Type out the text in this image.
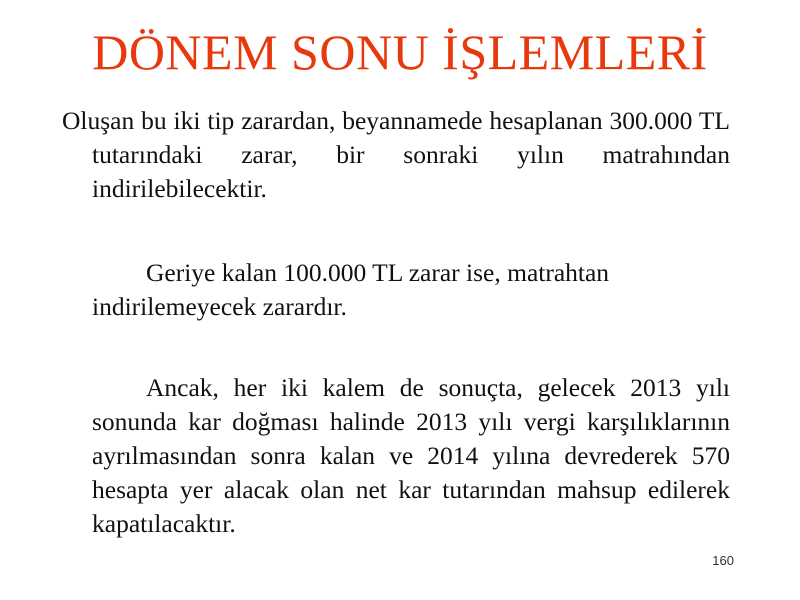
DÖNEM SONU İŞLEMLERİ

Oluşan bu iki tip zarardan, beyannamede hesaplanan 300.000 TL tutarındaki zarar, bir sonraki yılın matrahından indirilebilecektir.

Geriye kalan 100.000 TL zarar ise, matrahtan indirilemeyecek zarardır.

Ancak, her iki kalem de sonuçta, gelecek 2013 yılı sonunda kar doğması halinde 2013 yılı vergi karşılıklarının ayrılmasından sonra kalan ve 2014 yılına devrederek 570 hesapta yer alacak olan net kar tutarından mahsup edilerek kapatılacaktır.

160
